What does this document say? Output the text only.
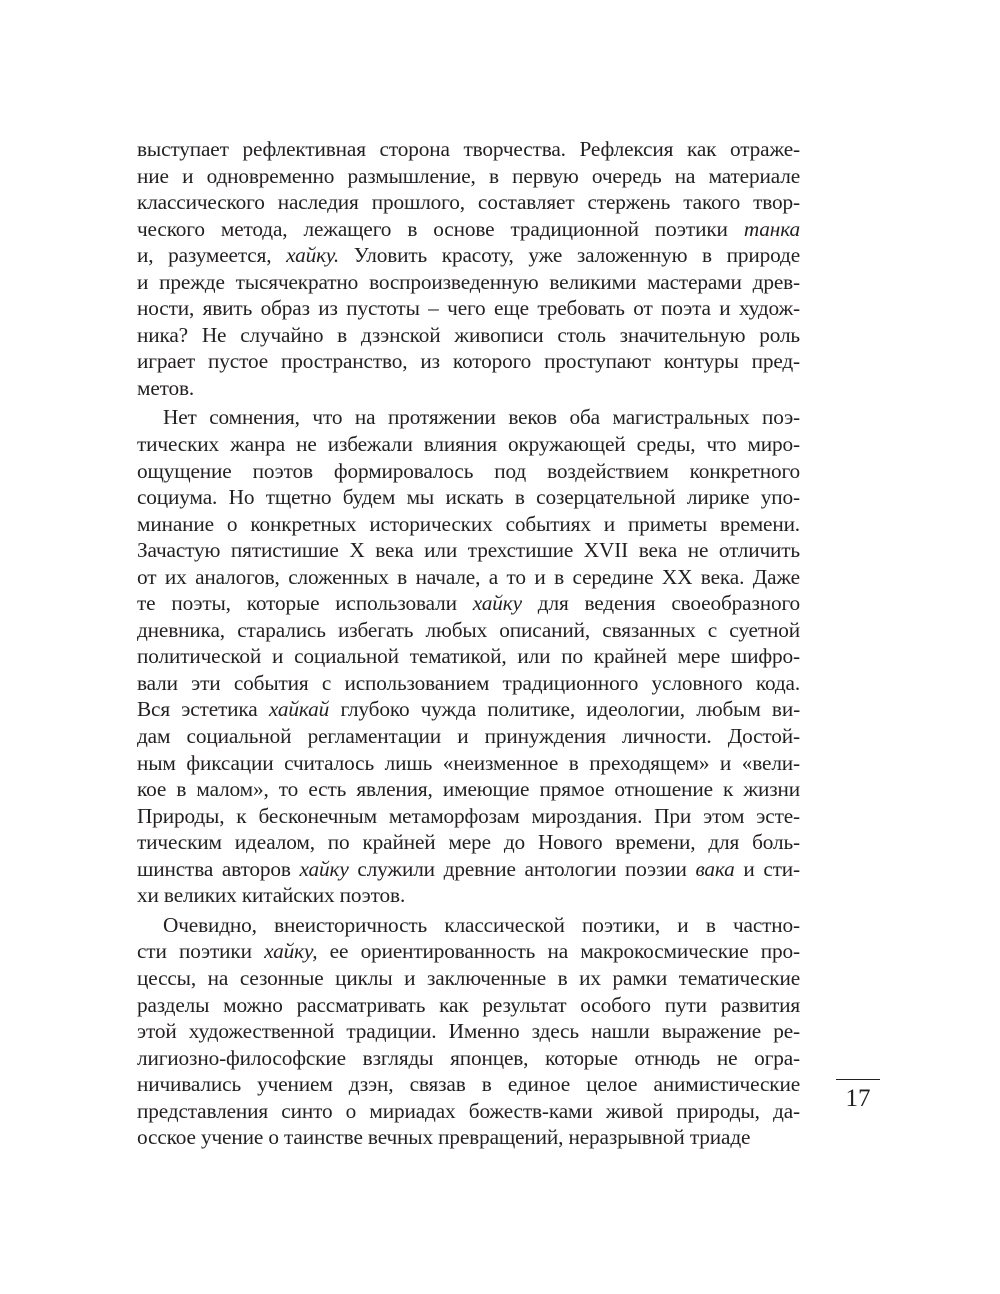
выступает рефлективная сторона творчества. Рефлексия как отраже-
ние и одновременно размышление, в первую очередь на материале
классического наследия прошлого, составляет стержень такого твор-
ческого метода, лежащего в основе традиционной поэтики танка
и, разумеется, хайку. Уловить красоту, уже заложенную в природе
и прежде тысячекратно воспроизведенную великими мастерами древ-
ности, явить образ из пустоты – чего еще требовать от поэта и худож-
ника? Не случайно в дзэнской живописи столь значительную роль
играет пустое пространство, из которого проступают контуры пред-
метов.
Нет сомнения, что на протяжении веков оба магистральных поэ-
тических жанра не избежали влияния окружающей среды, что миро-
ощущение поэтов формировалось под воздействием конкретного
социума. Но тщетно будем мы искать в созерцательной лирике упо-
минание о конкретных исторических событиях и приметы времени.
Зачастую пятистишие X века или трехстишие XVII века не отличить
от их аналогов, сложенных в начале, а то и в середине XX века. Даже
те поэты, которые использовали хайку для ведения своеобразного
дневника, старались избегать любых описаний, связанных с суетной
политической и социальной тематикой, или по крайней мере шифро-
вали эти события с использованием традиционного условного кода.
Вся эстетика хайкай глубоко чужда политике, идеологии, любым ви-
дам социальной регламентации и принуждения личности. Достой-
ным фиксации считалось лишь «неизменное в преходящем» и «вели-
кое в малом», то есть явления, имеющие прямое отношение к жизни
Природы, к бесконечным метаморфозам мироздания. При этом эсте-
тическим идеалом, по крайней мере до Нового времени, для боль-
шинства авторов хайку служили древние антологии поэзии вака и сти-
хи великих китайских поэтов.
Очевидно, внеисторичность классической поэтики, и в частно-
сти поэтики хайку, ее ориентированность на макрокосмические про-
цессы, на сезонные циклы и заключенные в их рамки тематические
разделы можно рассматривать как результат особого пути развития
этой художественной традиции. Именно здесь нашли выражение ре-
лигиозно-философские взгляды японцев, которые отнюдь не огра-
ничивались учением дзэн, связав в единое целое анимистические
представления синто о мириадах божеств-ками живой природы, да-
осское учение о таинстве вечных превращений, неразрывной триаде
17
